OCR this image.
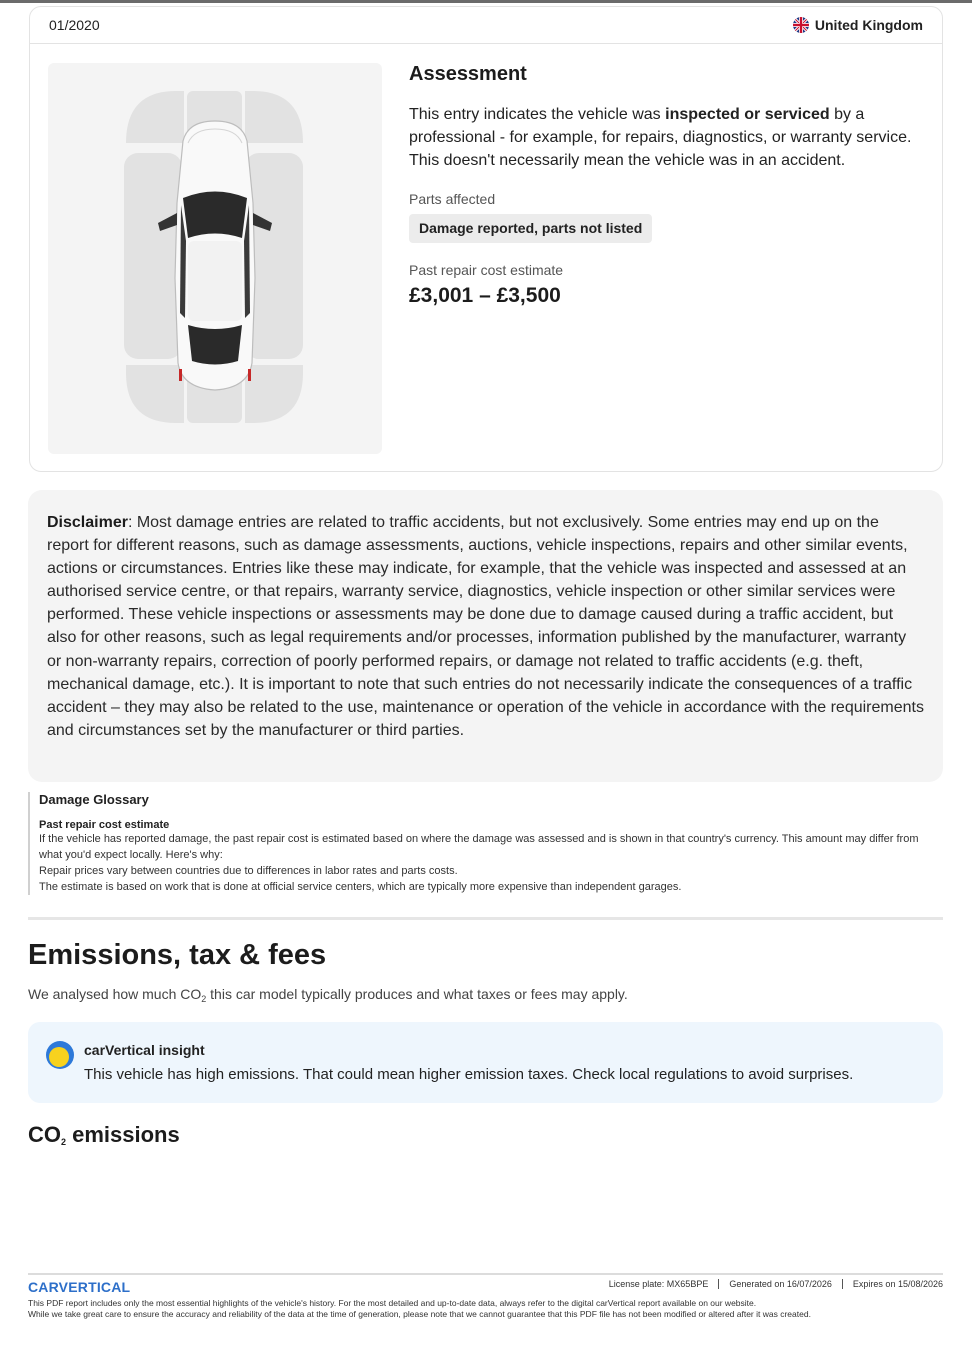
01/2020	United Kingdom
Assessment
This entry indicates the vehicle was inspected or serviced by a professional - for example, for repairs, diagnostics, or warranty service. This doesn't necessarily mean the vehicle was in an accident.
Parts affected
Damage reported, parts not listed
Past repair cost estimate
£3,001 – £3,500
Disclaimer: Most damage entries are related to traffic accidents, but not exclusively. Some entries may end up on the report for different reasons, such as damage assessments, auctions, vehicle inspections, repairs and other similar events, actions or circumstances. Entries like these may indicate, for example, that the vehicle was inspected and assessed at an authorised service centre, or that repairs, warranty service, diagnostics, vehicle inspection or other similar services were performed. These vehicle inspections or assessments may be done due to damage caused during a traffic accident, but also for other reasons, such as legal requirements and/or processes, information published by the manufacturer, warranty or non-warranty repairs, correction of poorly performed repairs, or damage not related to traffic accidents (e.g. theft, mechanical damage, etc.). It is important to note that such entries do not necessarily indicate the consequences of a traffic accident – they may also be related to the use, maintenance or operation of the vehicle in accordance with the requirements and circumstances set by the manufacturer or third parties.
Damage Glossary
Past repair cost estimate
If the vehicle has reported damage, the past repair cost is estimated based on where the damage was assessed and is shown in that country's currency. This amount may differ from what you'd expect locally. Here's why:
Repair prices vary between countries due to differences in labor rates and parts costs.
The estimate is based on work that is done at official service centers, which are typically more expensive than independent garages.
Emissions, tax & fees
We analysed how much $CO_2$ this car model typically produces and what taxes or fees may apply.
carVertical insight
This vehicle has high emissions. That could mean higher emission taxes. Check local regulations to avoid surprises.
$CO_2$ emissions
CARVERTICAL	License plate: MX65BPE	Generated on 16/07/2026	Expires on 15/08/2026
This PDF report includes only the most essential highlights of the vehicle's history. For the most detailed and up-to-date data, always refer to the digital carVertical report available on our website.
While we take great care to ensure the accuracy and reliability of the data at the time of generation, please note that we cannot guarantee that this PDF file has not been modified or altered after it was created.
